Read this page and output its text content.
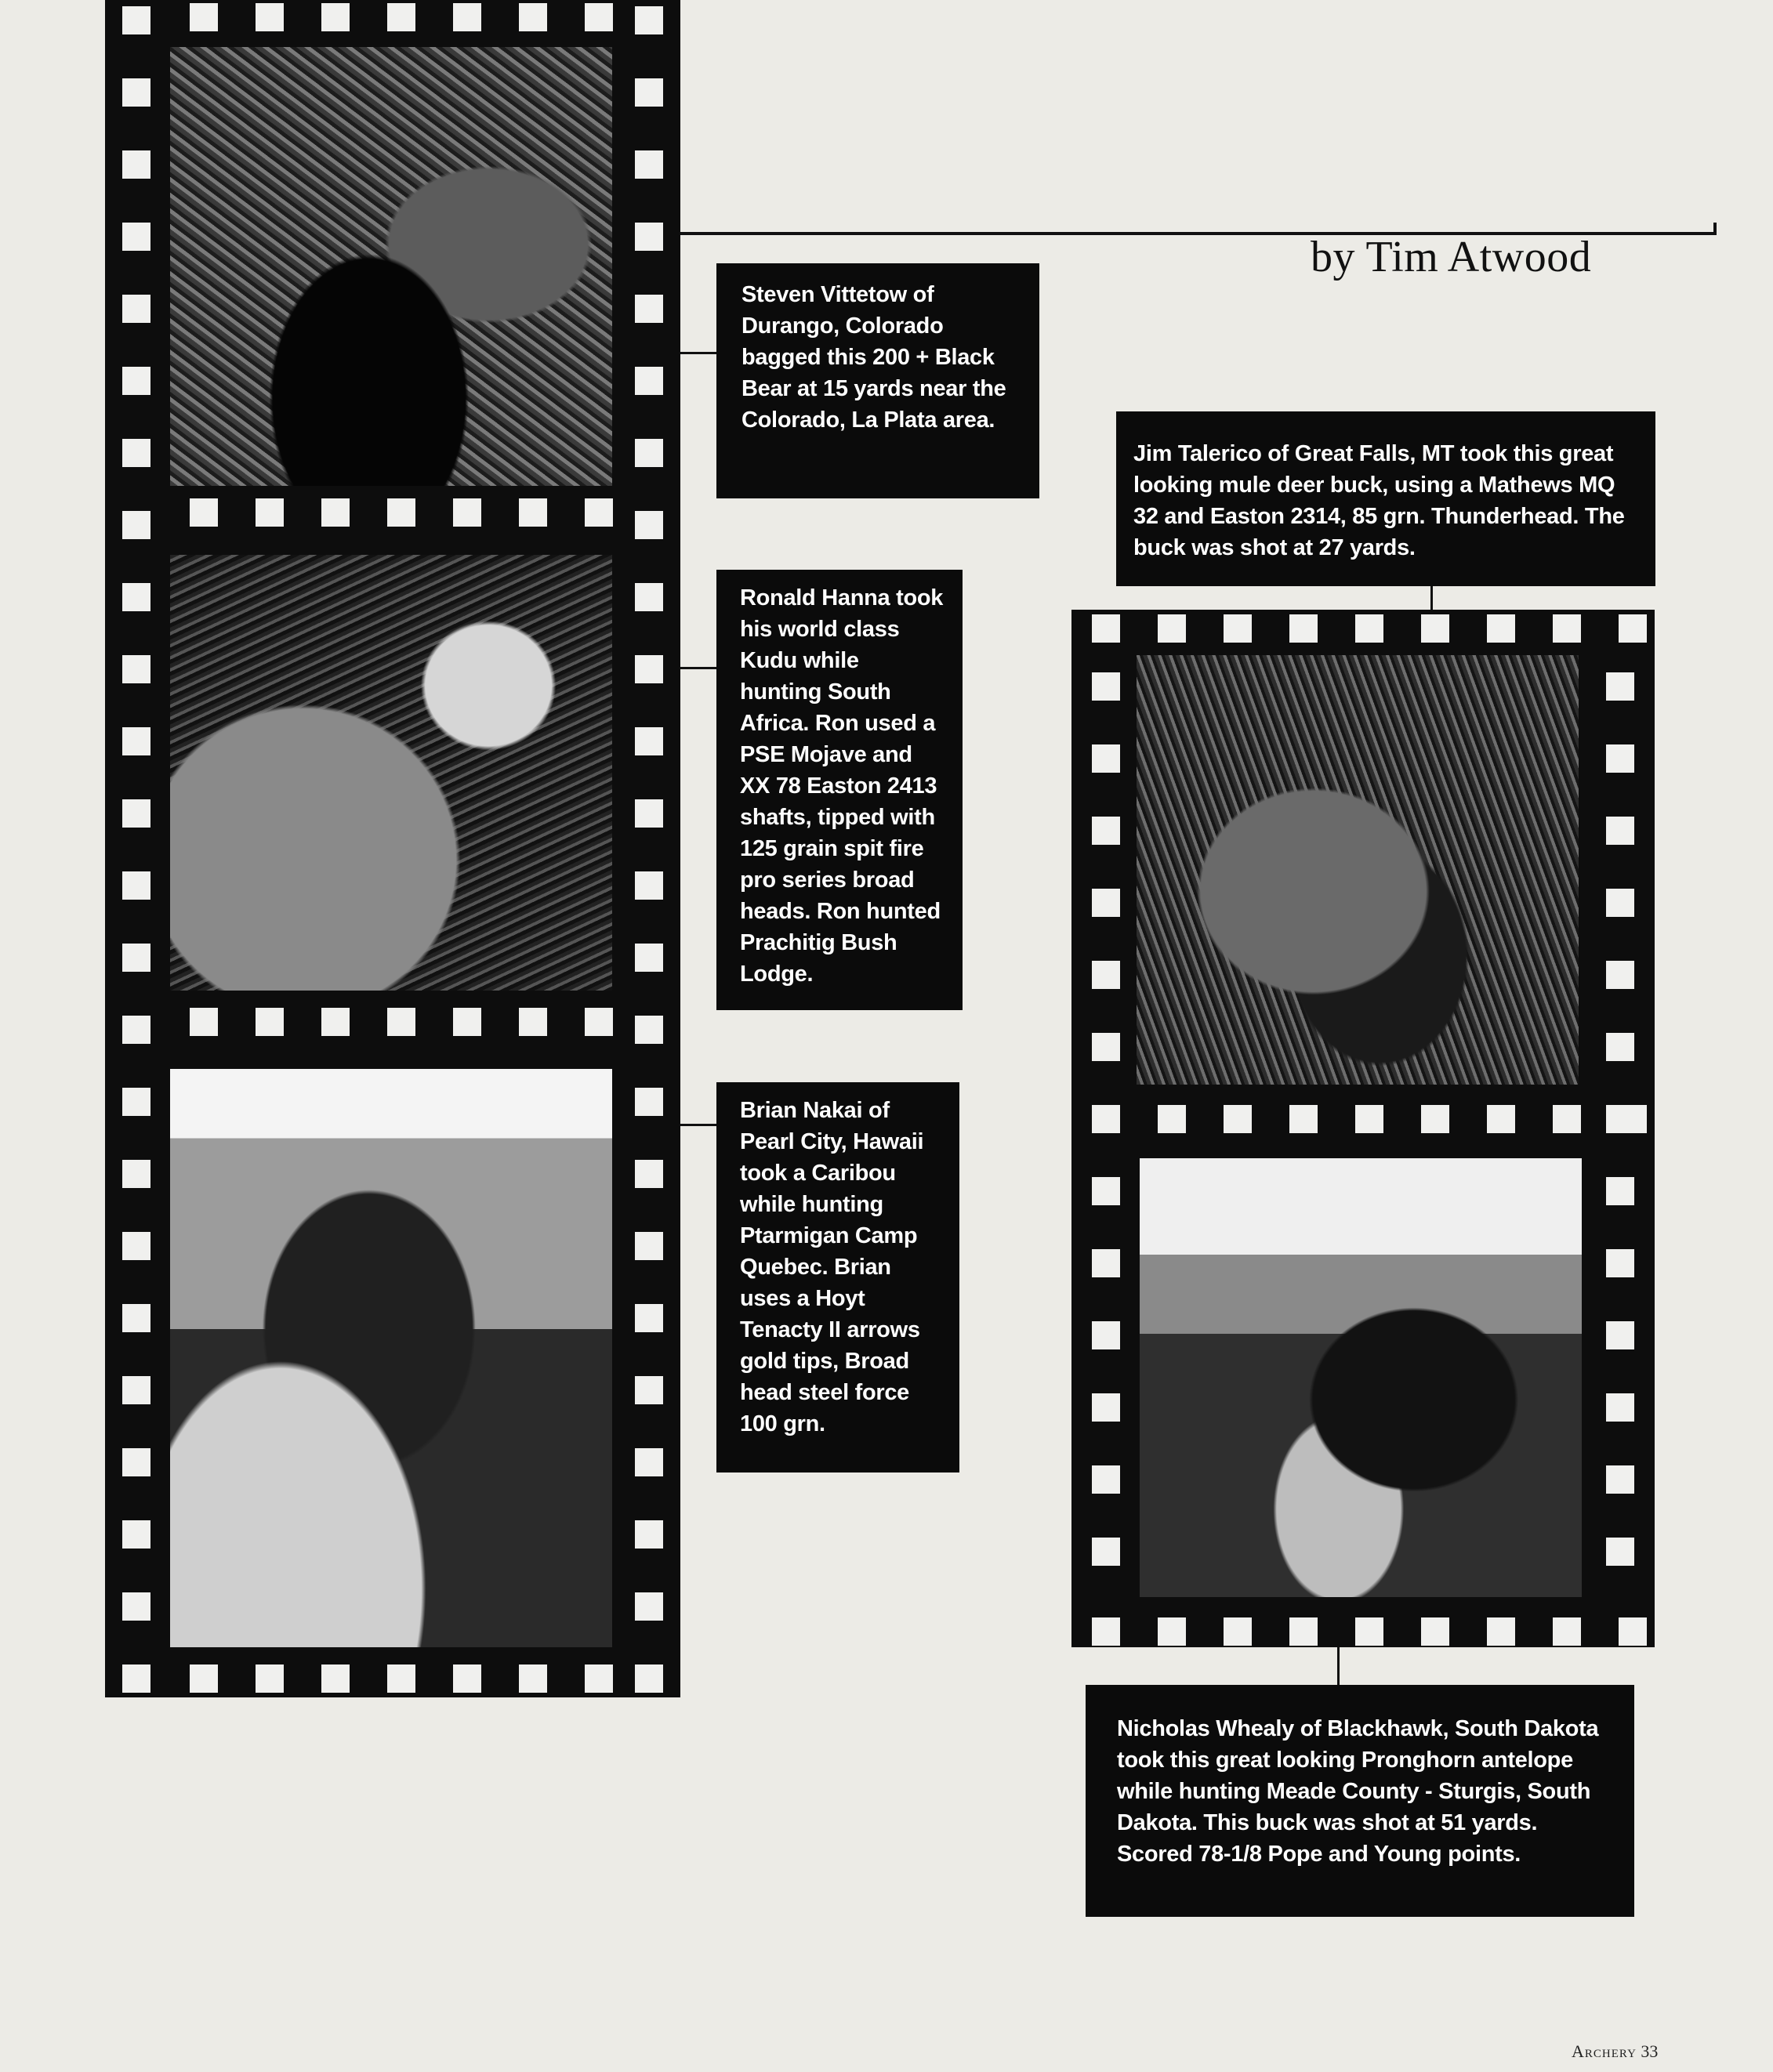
by Tim Atwood
Steven Vittetow of Durango, Colorado bagged this 200 + Black Bear at 15 yards near the Colorado, La Plata area.
Ronald Hanna took his world class Kudu while hunting South Africa. Ron used a PSE Mojave and XX 78 Easton 2413 shafts, tipped with 125 grain spit fire pro series broad heads. Ron hunted Prachitig Bush Lodge.
Brian Nakai of Pearl City, Hawaii took a Caribou while hunting Ptarmigan Camp Quebec. Brian uses a Hoyt Tenacty II arrows gold tips, Broad head steel force 100 grn.
Jim Talerico of Great Falls, MT took this great looking mule deer buck, using a Mathews MQ 32 and Easton 2314, 85 grn. Thunderhead. The buck was shot at 27 yards.
Nicholas Whealy of Blackhawk, South Dakota took this great looking Pronghorn antelope while hunting Meade County - Sturgis, South Dakota. This buck was shot at 51 yards. Scored 78-1/8 Pope and Young points.
Archery 33
